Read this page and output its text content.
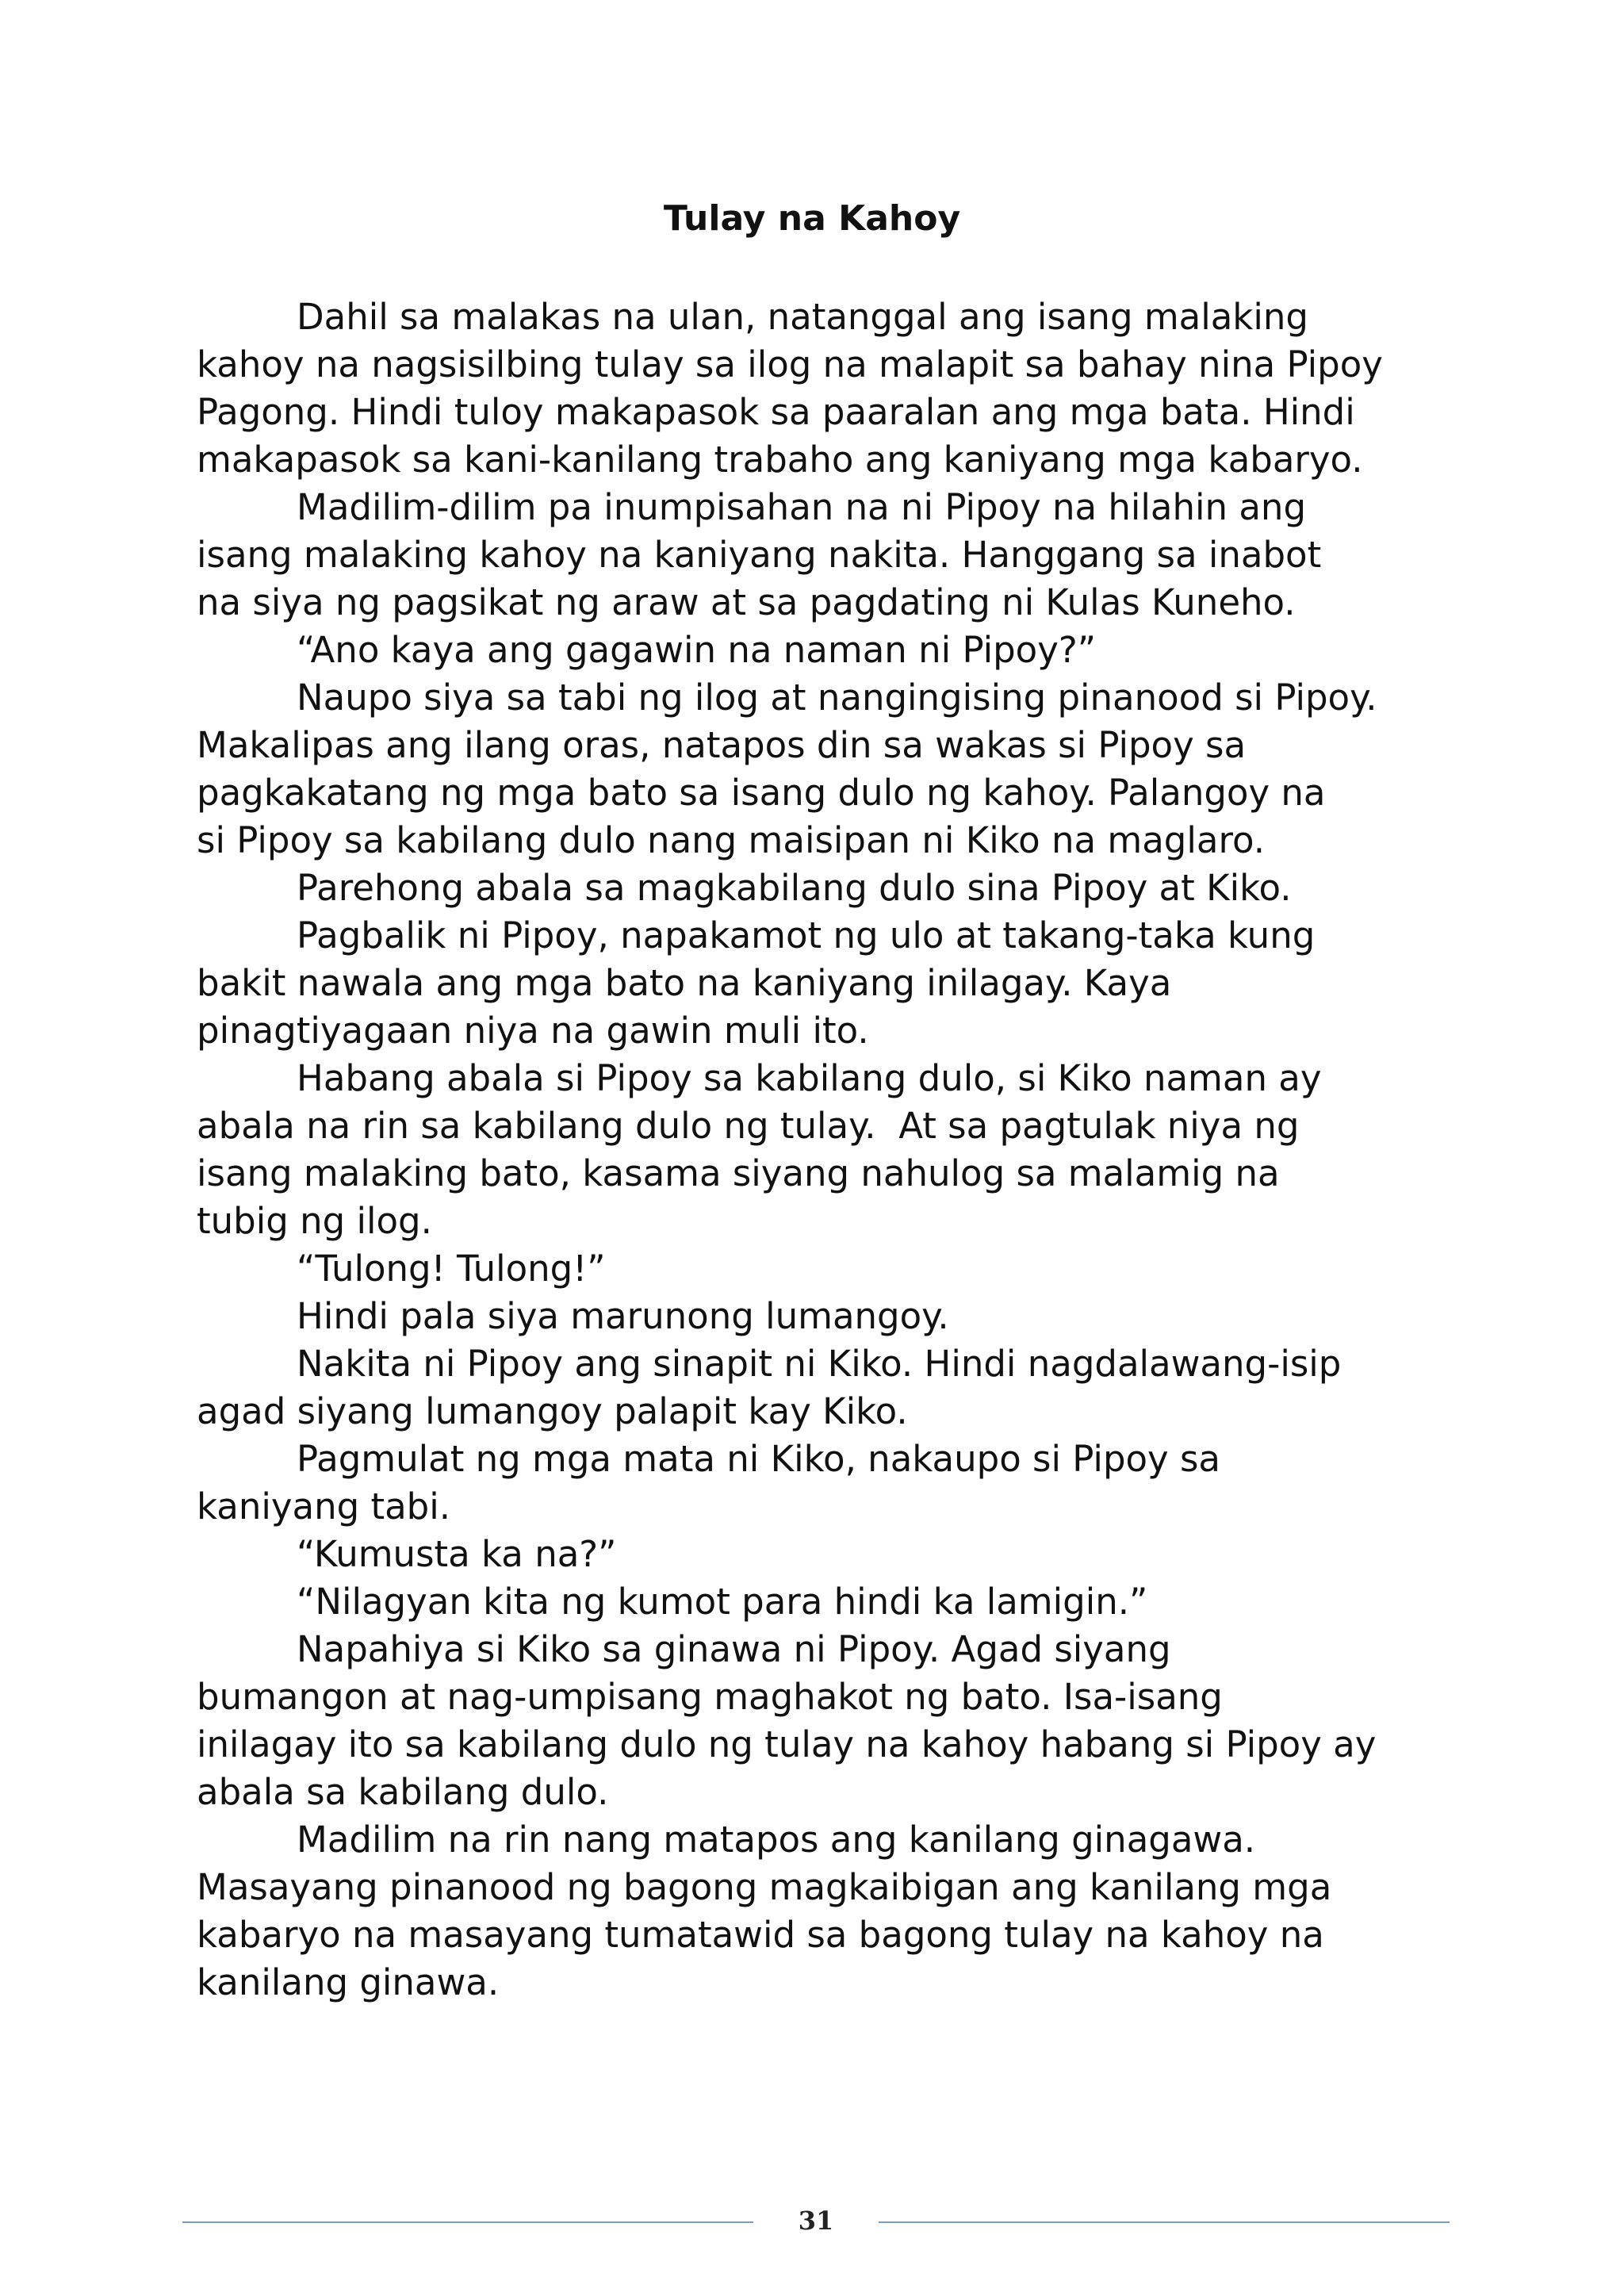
Tulay na Kahoy
Dahil sa malakas na ulan, natanggal ang isang malaking
kahoy na nagsisilbing tulay sa ilog na malapit sa bahay nina Pipoy
Pagong. Hindi tuloy makapasok sa paaralan ang mga bata. Hindi
makapasok sa kani-kanilang trabaho ang kaniyang mga kabaryo.
Madilim-dilim pa inumpisahan na ni Pipoy na hilahin ang
isang malaking kahoy na kaniyang nakita. Hanggang sa inabot
na siya ng pagsikat ng araw at sa pagdating ni Kulas Kuneho.
“Ano kaya ang gagawin na naman ni Pipoy?”
Naupo siya sa tabi ng ilog at nangingising pinanood si Pipoy.
Makalipas ang ilang oras, natapos din sa wakas si Pipoy sa
pagkakatang ng mga bato sa isang dulo ng kahoy. Palangoy na
si Pipoy sa kabilang dulo nang maisipan ni Kiko na maglaro.
Parehong abala sa magkabilang dulo sina Pipoy at Kiko.
Pagbalik ni Pipoy, napakamot ng ulo at takang-taka kung
bakit nawala ang mga bato na kaniyang inilagay. Kaya
pinagtiyagaan niya na gawin muli ito.
Habang abala si Pipoy sa kabilang dulo, si Kiko naman ay
abala na rin sa kabilang dulo ng tulay.  At sa pagtulak niya ng
isang malaking bato, kasama siyang nahulog sa malamig na
tubig ng ilog.
“Tulong! Tulong!”
Hindi pala siya marunong lumangoy.
Nakita ni Pipoy ang sinapit ni Kiko. Hindi nagdalawang-isip
agad siyang lumangoy palapit kay Kiko.
Pagmulat ng mga mata ni Kiko, nakaupo si Pipoy sa
kaniyang tabi.
“Kumusta ka na?”
“Nilagyan kita ng kumot para hindi ka lamigin.”
Napahiya si Kiko sa ginawa ni Pipoy. Agad siyang
bumangon at nag-umpisang maghakot ng bato. Isa-isang
inilagay ito sa kabilang dulo ng tulay na kahoy habang si Pipoy ay
abala sa kabilang dulo.
Madilim na rin nang matapos ang kanilang ginagawa.
Masayang pinanood ng bagong magkaibigan ang kanilang mga
kabaryo na masayang tumatawid sa bagong tulay na kahoy na
kanilang ginawa.
31
